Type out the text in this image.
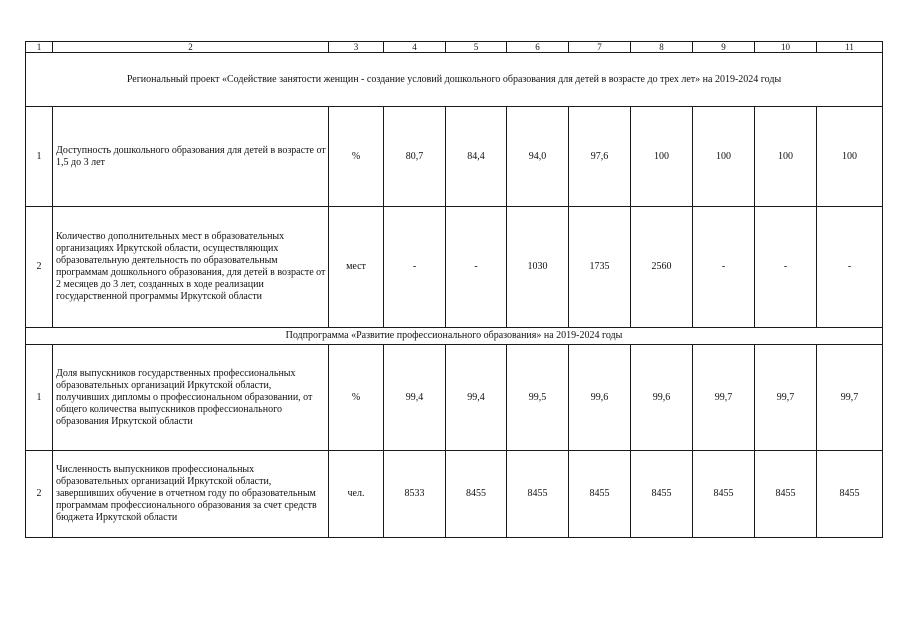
1	2	3	4	5	6	7	8	9	10	11
Региональный проект «Содействие занятости женщин - создание условий дошкольного образования для детей в возрасте до трех лет» на 2019-2024 годы										
1	Доступность дошкольного образования для детей в возрасте от 1,5 до 3 лет	%	80,7	84,4	94,0	97,6	100	100	100	100
2	Количество дополнительных мест в образовательных организациях Иркутской области, осуществляющих образовательную деятельность по образовательным программам дошкольного образования, для детей в возрасте от 2 месяцев до 3 лет, созданных в ходе реализации государственной программы Иркутской области	мест	-	-	1030	1735	2560	-	-	-
Подпрограмма «Развитие профессионального образования» на 2019-2024 годы										
1	Доля выпускников государственных профессиональных образовательных организаций Иркутской области, получивших дипломы о профессиональном образовании, от общего количества выпускников профессионального образования Иркутской области	%	99,4	99,4	99,5	99,6	99,6	99,7	99,7	99,7
2	Численность выпускников профессиональных образовательных организаций Иркутской области, завершивших обучение в отчетном году по образовательным программам профессионального образования за счет средств бюджета Иркутской области	чел.	8533	8455	8455	8455	8455	8455	8455	8455
